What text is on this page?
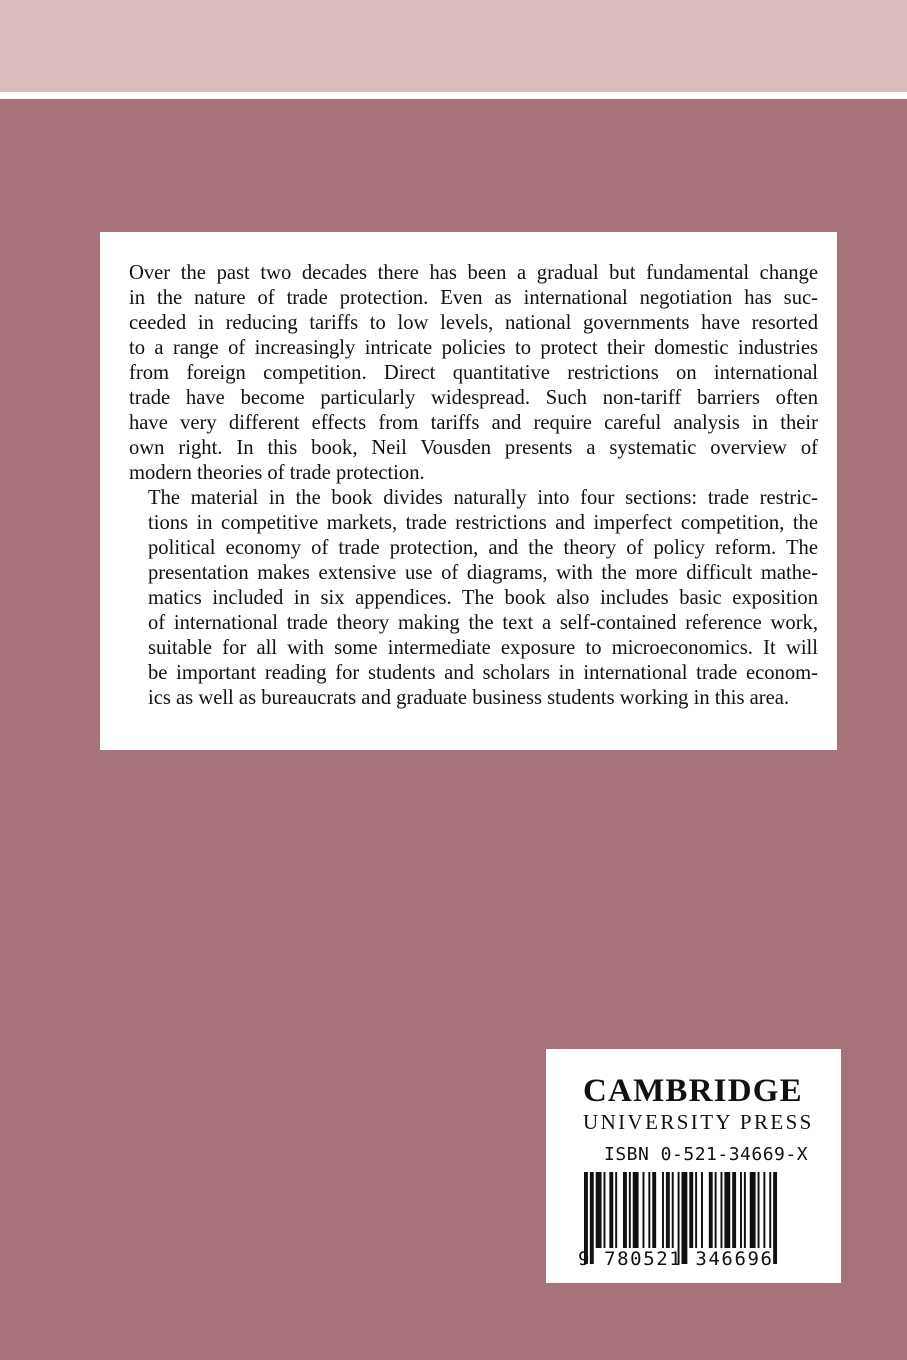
Over the past two decades there has been a gradual but fundamental change
in the nature of trade protection. Even as international negotiation has suc-
ceeded in reducing tariffs to low levels, national governments have resorted
to a range of increasingly intricate policies to protect their domestic industries
from foreign competition. Direct quantitative restrictions on international
trade have become particularly widespread. Such non-tariff barriers often
have very different effects from tariffs and require careful analysis in their
own right. In this book, Neil Vousden presents a systematic overview of
modern theories of trade protection.

The material in the book divides naturally into four sections: trade restric-
tions in competitive markets, trade restrictions and imperfect competition, the
political economy of trade protection, and the theory of policy reform. The
presentation makes extensive use of diagrams, with the more difficult mathe-
matics included in six appendices. The book also includes basic exposition
of international trade theory making the text a self-contained reference work,
suitable for all with some intermediate exposure to microeconomics. It will
be important reading for students and scholars in international trade econom-
ics as well as bureaucrats and graduate business students working in this area.

CAMBRIDGE
UNIVERSITY PRESS
ISBN 0-521-34669-X
9 780521 346696
